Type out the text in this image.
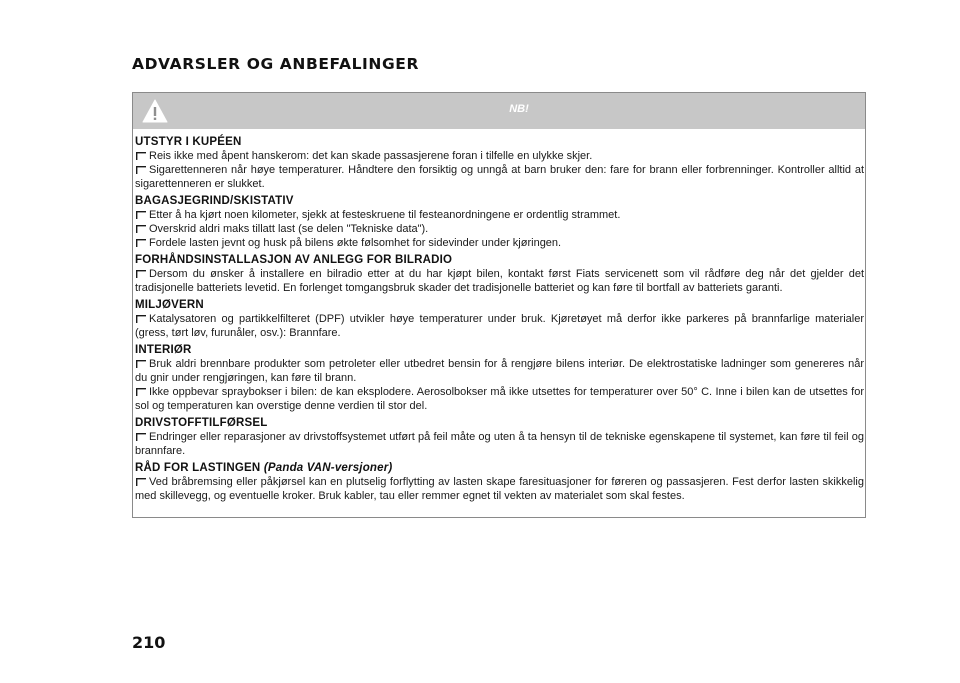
ADVARSLER OG ANBEFALINGER
NB!
UTSTYR I KUPÉEN

Reis ikke med åpent hanskerom: det kan skade passasjerene foran i tilfelle en ulykke skjer.

Sigarettenneren når høye temperaturer. Håndtere den forsiktig og unngå at barn bruker den: fare for brann eller forbrenninger. Kontroller alltid at sigarettenneren er slukket.

BAGASJEGRIND/SKISTATIV

Etter å ha kjørt noen kilometer, sjekk at festeskruene til festeanordningene er ordentlig strammet.

Overskrid aldri maks tillatt last (se delen "Tekniske data").

Fordele lasten jevnt og husk på bilens økte følsomhet for sidevinder under kjøringen.

FORHÅNDSINSTALLASJON AV ANLEGG FOR BILRADIO

Dersom du ønsker å installere en bilradio etter at du har kjøpt bilen, kontakt først Fiats servicenett som vil rådføre deg når det gjelder det tradisjonelle batteriets levetid. En forlenget tomgangsbruk skader det tradisjonelle batteriet og kan føre til bortfall av batteriets garanti.

MILJØVERN

Katalysatoren og partikkelfilteret (DPF) utvikler høye temperaturer under bruk. Kjøretøyet må derfor ikke parkeres på brannfarlige materialer (gress, tørt løv, furunåler, osv.): Brannfare.

INTERIØR

Bruk aldri brennbare produkter som petroleter eller utbedret bensin for å rengjøre bilens interiør. De elektrostatiske ladninger som genereres når du gnir under rengjøringen, kan føre til brann.

Ikke oppbevar spraybokser i bilen: de kan eksplodere. Aerosolbokser må ikke utsettes for temperaturer over 50° C. Inne i bilen kan de utsettes for sol og temperaturen kan overstige denne verdien til stor del.

DRIVSTOFFTILFØRSEL

Endringer eller reparasjoner av drivstoffsystemet utført på feil måte og uten å ta hensyn til de tekniske egenskapene til systemet, kan føre til feil og brannfare.

RÅD FOR LASTINGEN (Panda VAN-versjoner)

Ved bråbremsing eller påkjørsel kan en plutselig forflytting av lasten skape faresituasjoner for føreren og passasjeren. Fest derfor lasten skikkelig med skillevegg, og eventuelle kroker. Bruk kabler, tau eller remmer egnet til vekten av materialet som skal festes.

210
